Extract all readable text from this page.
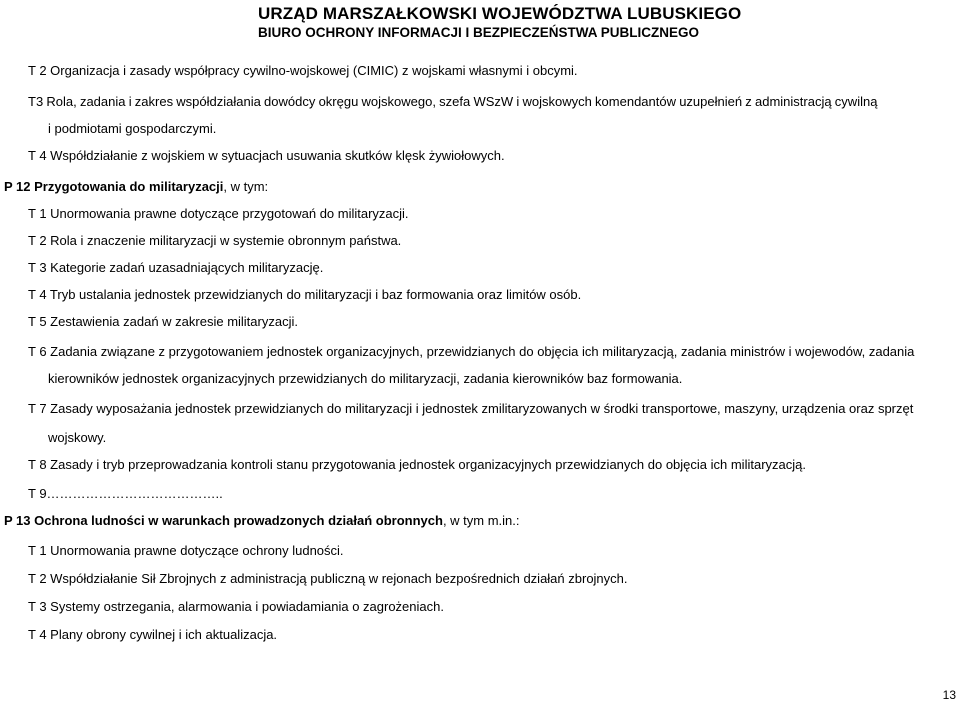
URZĄD MARSZAŁKOWSKI WOJEWÓDZTWA LUBUSKIEGO
BIURO OCHRONY INFORMACJI I BEZPIECZEŃSTWA PUBLICZNEGO
T 2 Organizacja i zasady współpracy cywilno-wojskowej (CIMIC) z wojskami własnymi i obcymi.
T3 Rola, zadania i zakres współdziałania dowódcy okręgu wojskowego, szefa WSzW i wojskowych komendantów uzupełnień z administracją cywilną
i podmiotami gospodarczymi.
T 4 Współdziałanie z wojskiem w sytuacjach usuwania skutków klęsk żywiołowych.
P 12 Przygotowania do militaryzacji, w tym:
T 1 Unormowania prawne dotyczące przygotowań do militaryzacji.
T 2 Rola i znaczenie militaryzacji w systemie obronnym państwa.
T 3 Kategorie zadań uzasadniających militaryzację.
T 4 Tryb ustalania jednostek przewidzianych do militaryzacji i baz formowania oraz limitów osób.
T 5 Zestawienia zadań w zakresie militaryzacji.
T 6 Zadania związane z przygotowaniem jednostek organizacyjnych, przewidzianych do objęcia ich militaryzacją, zadania ministrów i wojewodów, zadania
kierowników jednostek organizacyjnych przewidzianych do militaryzacji, zadania kierowników baz formowania.
T 7 Zasady wyposażania jednostek przewidzianych do militaryzacji i jednostek zmilitaryzowanych w środki transportowe, maszyny, urządzenia oraz sprzęt
wojskowy.
T 8 Zasady i tryb przeprowadzania kontroli stanu przygotowania jednostek organizacyjnych przewidzianych do objęcia ich militaryzacją.
T 9…………………………………..
P 13 Ochrona ludności w warunkach prowadzonych działań obronnych, w tym m.in.:
T 1 Unormowania prawne dotyczące ochrony ludności.
T 2 Współdziałanie Sił Zbrojnych z administracją publiczną w rejonach bezpośrednich działań zbrojnych.
T 3 Systemy ostrzegania, alarmowania i powiadamiania o zagrożeniach.
T 4 Plany obrony cywilnej i ich aktualizacja.
13
